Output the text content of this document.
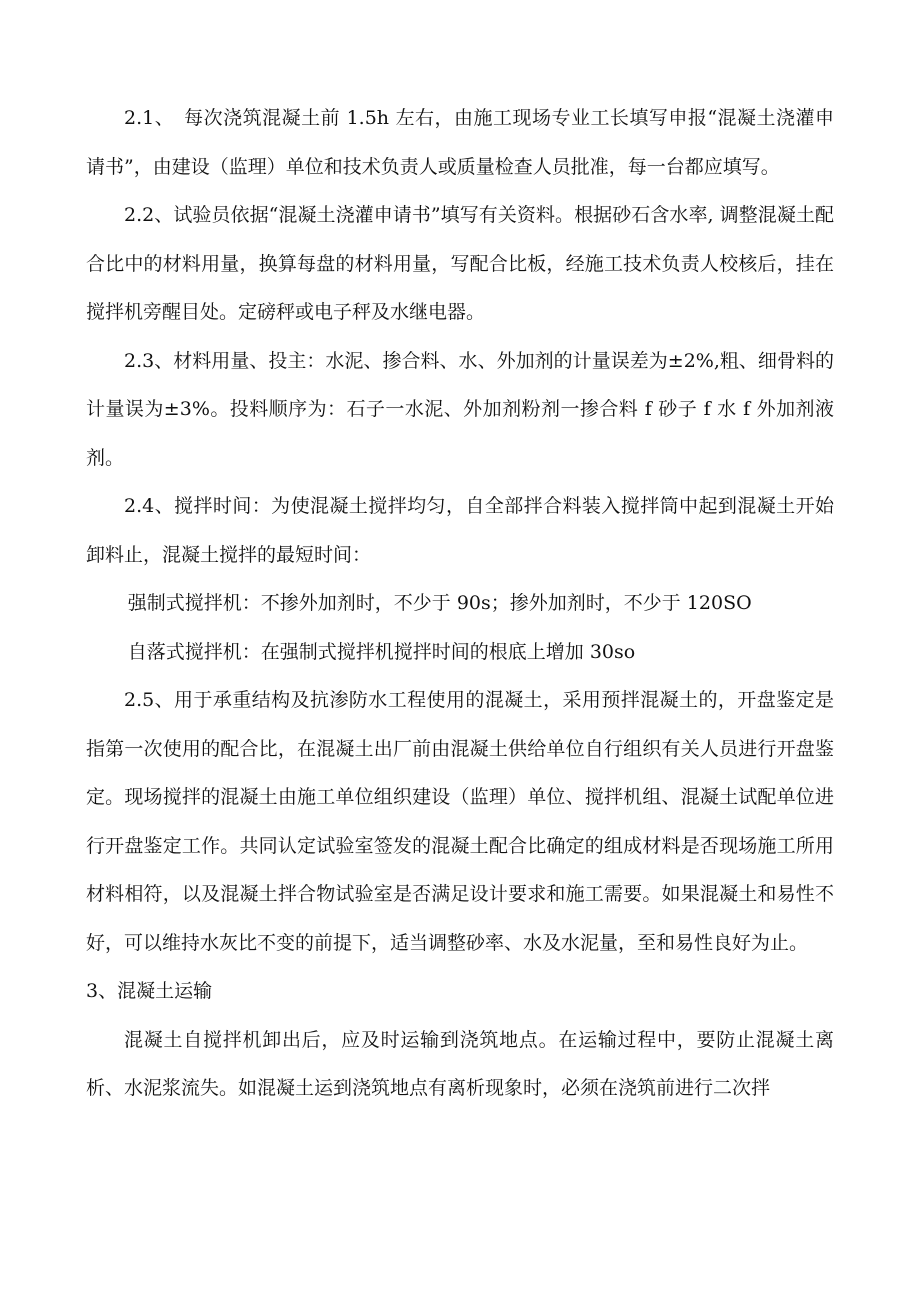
2.1、　每次浇筑混凝土前 1.5h 左右，由施工现场专业工长填写申报“混凝土浇灌申请书”，由建设（监理）单位和技术负责人或质量检查人员批准，每一台都应填写。

2.2、试验员依据“混凝土浇灌申请书”填写有关资料。根据砂石含水率, 调整混凝土配合比中的材料用量，换算每盘的材料用量，写配合比板，经施工技术负责人校核后，挂在搅拌机旁醒目处。定磅秤或电子秤及水继电器。

2.3、材料用量、投主：水泥、掺合料、水、外加剂的计量误差为±2%,粗、细骨料的计量误为±3%。投料顺序为：石子一水泥、外加剂粉剂一掺合料 f 砂子 f 水 f 外加剂液剂。

2.4、搅拌时间：为使混凝土搅拌均匀，自全部拌合料装入搅拌筒中起到混凝土开始卸料止，混凝土搅拌的最短时间：

强制式搅拌机：不掺外加剂时，不少于 90s；掺外加剂时，不少于 120SO

自落式搅拌机：在强制式搅拌机搅拌时间的根底上增加 30so

2.5、用于承重结构及抗渗防水工程使用的混凝土，采用预拌混凝土的，开盘鉴定是指第一次使用的配合比，在混凝土出厂前由混凝土供给单位自行组织有关人员进行开盘鉴定。现场搅拌的混凝土由施工单位组织建设（监理）单位、搅拌机组、混凝土试配单位进行开盘鉴定工作。共同认定试验室签发的混凝土配合比确定的组成材料是否现场施工所用材料相符，以及混凝土拌合物试验室是否满足设计要求和施工需要。如果混凝土和易性不好，可以维持水灰比不变的前提下，适当调整砂率、水及水泥量，至和易性良好为止。

3、混凝土运输

混凝土自搅拌机卸出后，应及时运输到浇筑地点。在运输过程中，要防止混凝土离析、水泥浆流失。如混凝土运到浇筑地点有离析现象时，必须在浇筑前进行二次拌
